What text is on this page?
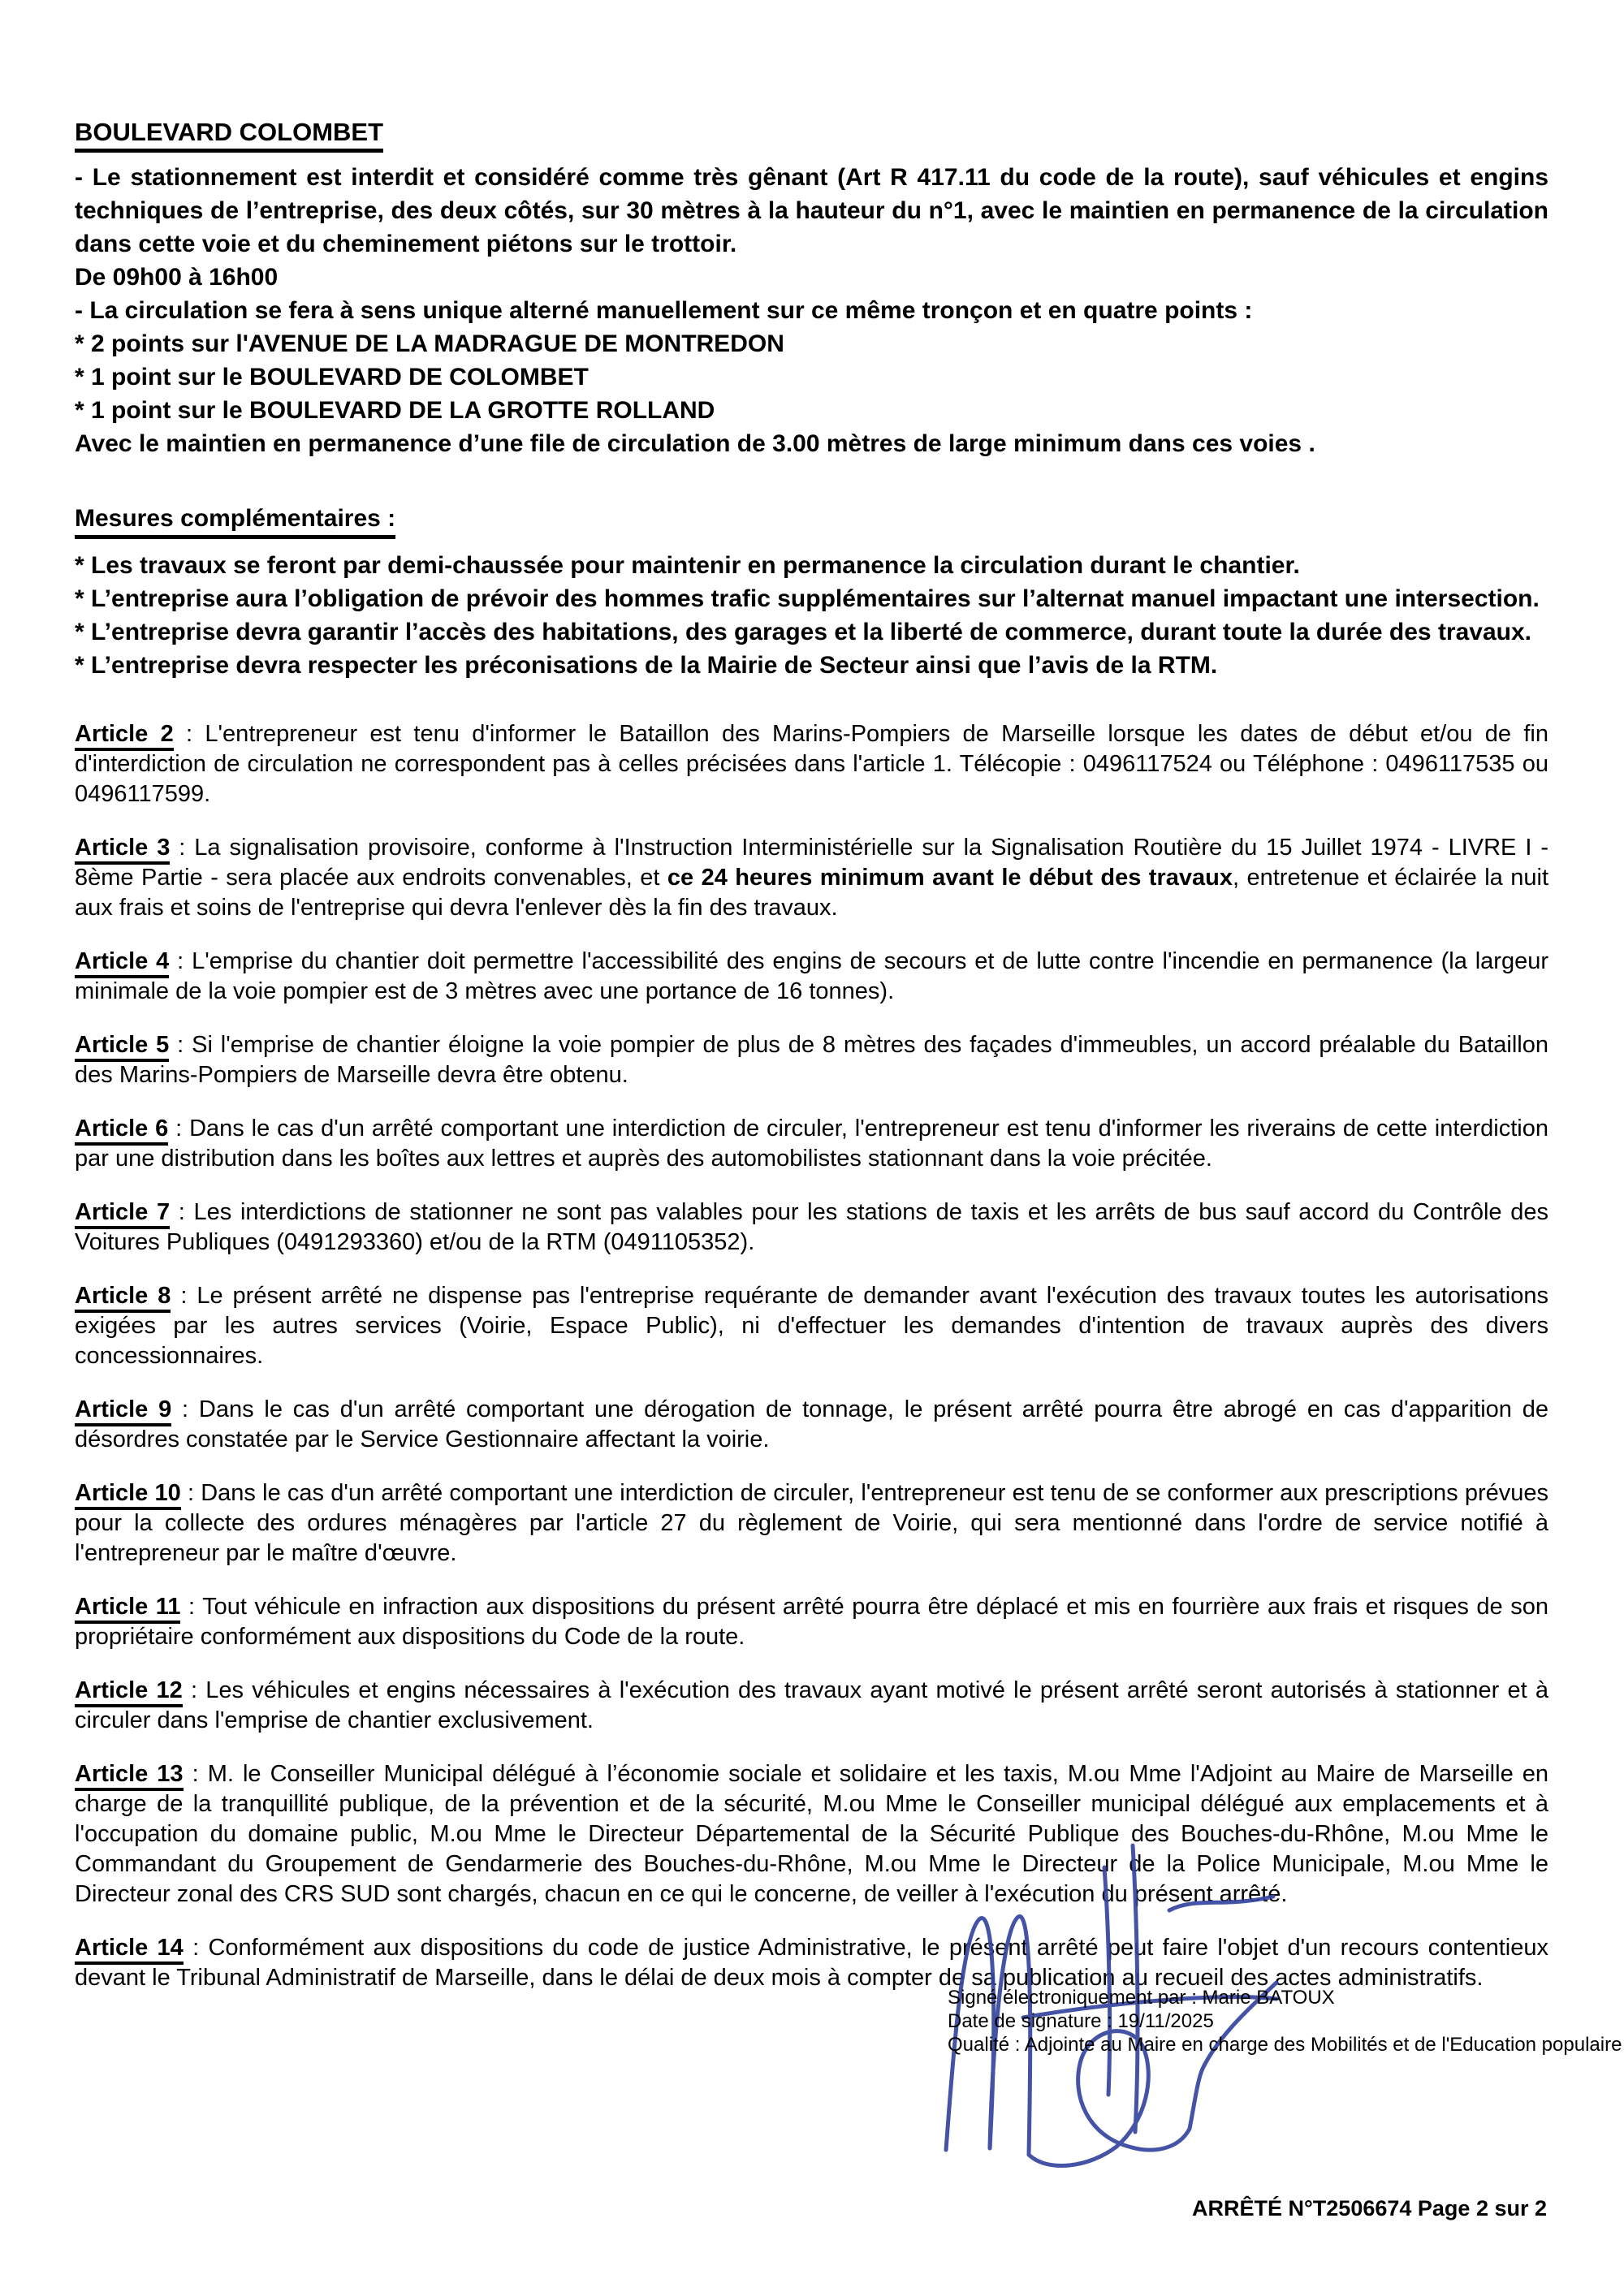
BOULEVARD COLOMBET

- Le stationnement est interdit et considéré comme très gênant (Art R 417.11 du code de la route), sauf véhicules et engins techniques de l’entreprise, des deux côtés, sur 30 mètres à la hauteur du n°1, avec le maintien en permanence de la circulation dans cette voie et du cheminement piétons sur le trottoir.

De 09h00 à 16h00

- La circulation se fera à sens unique alterné manuellement sur ce même tronçon et en quatre points :

* 2 points sur l'AVENUE DE LA MADRAGUE DE MONTREDON

* 1 point sur le BOULEVARD DE COLOMBET

* 1 point sur le BOULEVARD DE LA GROTTE ROLLAND

Avec le maintien en permanence d’une file de circulation de 3.00 mètres de large minimum dans ces voies .

Mesures complémentaires :

* Les travaux se feront par demi-chaussée pour maintenir en permanence la circulation durant le chantier.

* L’entreprise aura l’obligation de prévoir des hommes trafic supplémentaires sur l’alternat manuel impactant une intersection.

* L’entreprise devra garantir l’accès des habitations, des garages et la liberté de commerce, durant toute la durée des travaux.

* L’entreprise devra respecter les préconisations de la Mairie de Secteur ainsi que l’avis de la RTM.

Article 2 : L'entrepreneur est tenu d'informer le Bataillon des Marins-Pompiers de Marseille lorsque les dates de début et/ou de fin d'interdiction de circulation ne correspondent pas à celles précisées dans l'article 1. Télécopie : 0496117524 ou Téléphone : 0496117535 ou 0496117599.

Article 3 : La signalisation provisoire, conforme à l'Instruction Interministérielle sur la Signalisation Routière du 15 Juillet 1974 - LIVRE I - 8ème Partie - sera placée aux endroits convenables, et ce 24 heures minimum avant le début des travaux, entretenue et éclairée la nuit aux frais et soins de l'entreprise qui devra l'enlever dès la fin des travaux.

Article 4 : L'emprise du chantier doit permettre l'accessibilité des engins de secours et de lutte contre l'incendie en permanence (la largeur minimale de la voie pompier est de 3 mètres avec une portance de 16 tonnes).

Article 5 : Si l'emprise de chantier éloigne la voie pompier de plus de 8 mètres des façades d'immeubles, un accord préalable du Bataillon des Marins-Pompiers de Marseille devra être obtenu.

Article 6 : Dans le cas d'un arrêté comportant une interdiction de circuler, l'entrepreneur est tenu d'informer les riverains de cette interdiction par une distribution dans les boîtes aux lettres et auprès des automobilistes stationnant dans la voie précitée.

Article 7 : Les interdictions de stationner ne sont pas valables pour les stations de taxis et les arrêts de bus sauf accord du Contrôle des Voitures Publiques (0491293360) et/ou de la RTM (0491105352).

Article 8 : Le présent arrêté ne dispense pas l'entreprise requérante de demander avant l'exécution des travaux toutes les autorisations exigées par les autres services (Voirie, Espace Public), ni d'effectuer les demandes d'intention de travaux auprès des divers concessionnaires.

Article 9 : Dans le cas d'un arrêté comportant une dérogation de tonnage, le présent arrêté pourra être abrogé en cas d'apparition de désordres constatée par le Service Gestionnaire affectant la voirie.

Article 10 : Dans le cas d'un arrêté comportant une interdiction de circuler, l'entrepreneur est tenu de se conformer aux prescriptions prévues pour la collecte des ordures ménagères par l'article 27 du règlement de Voirie, qui sera mentionné dans l'ordre de service notifié à l'entrepreneur par le maître d'œuvre.

Article 11 : Tout véhicule en infraction aux dispositions du présent arrêté pourra être déplacé et mis en fourrière aux frais et risques de son propriétaire conformément aux dispositions du Code de la route.

Article 12 : Les véhicules et engins nécessaires à l'exécution des travaux ayant motivé le présent arrêté seront autorisés à stationner et à circuler dans l'emprise de chantier exclusivement.

Article 13 : M. le Conseiller Municipal délégué à l’économie sociale et solidaire et les taxis, M.ou Mme l'Adjoint au Maire de Marseille en charge de la tranquillité publique, de la prévention et de la sécurité, M.ou Mme le Conseiller municipal délégué aux emplacements et à l'occupation du domaine public, M.ou Mme le Directeur Départemental de la Sécurité Publique des Bouches-du-Rhône, M.ou Mme le Commandant du Groupement de Gendarmerie des Bouches-du-Rhône, M.ou Mme le Directeur de la Police Municipale, M.ou Mme le Directeur zonal des CRS SUD sont chargés, chacun en ce qui le concerne, de veiller à l'exécution du présent arrêté.

Article 14 : Conformément aux dispositions du code de justice Administrative, le présent arrêté peut faire l'objet d'un recours contentieux devant le Tribunal Administratif de Marseille, dans le délai de deux mois à compter de sa publication au recueil des actes administratifs.

Signé électroniquement par : Marie BATOUX
Date de signature : 19/11/2025
Qualité : Adjointe au Maire en charge des Mobilités et de l'Education populaire
ARRÊTÉ N°T2506674 Page 2 sur 2
